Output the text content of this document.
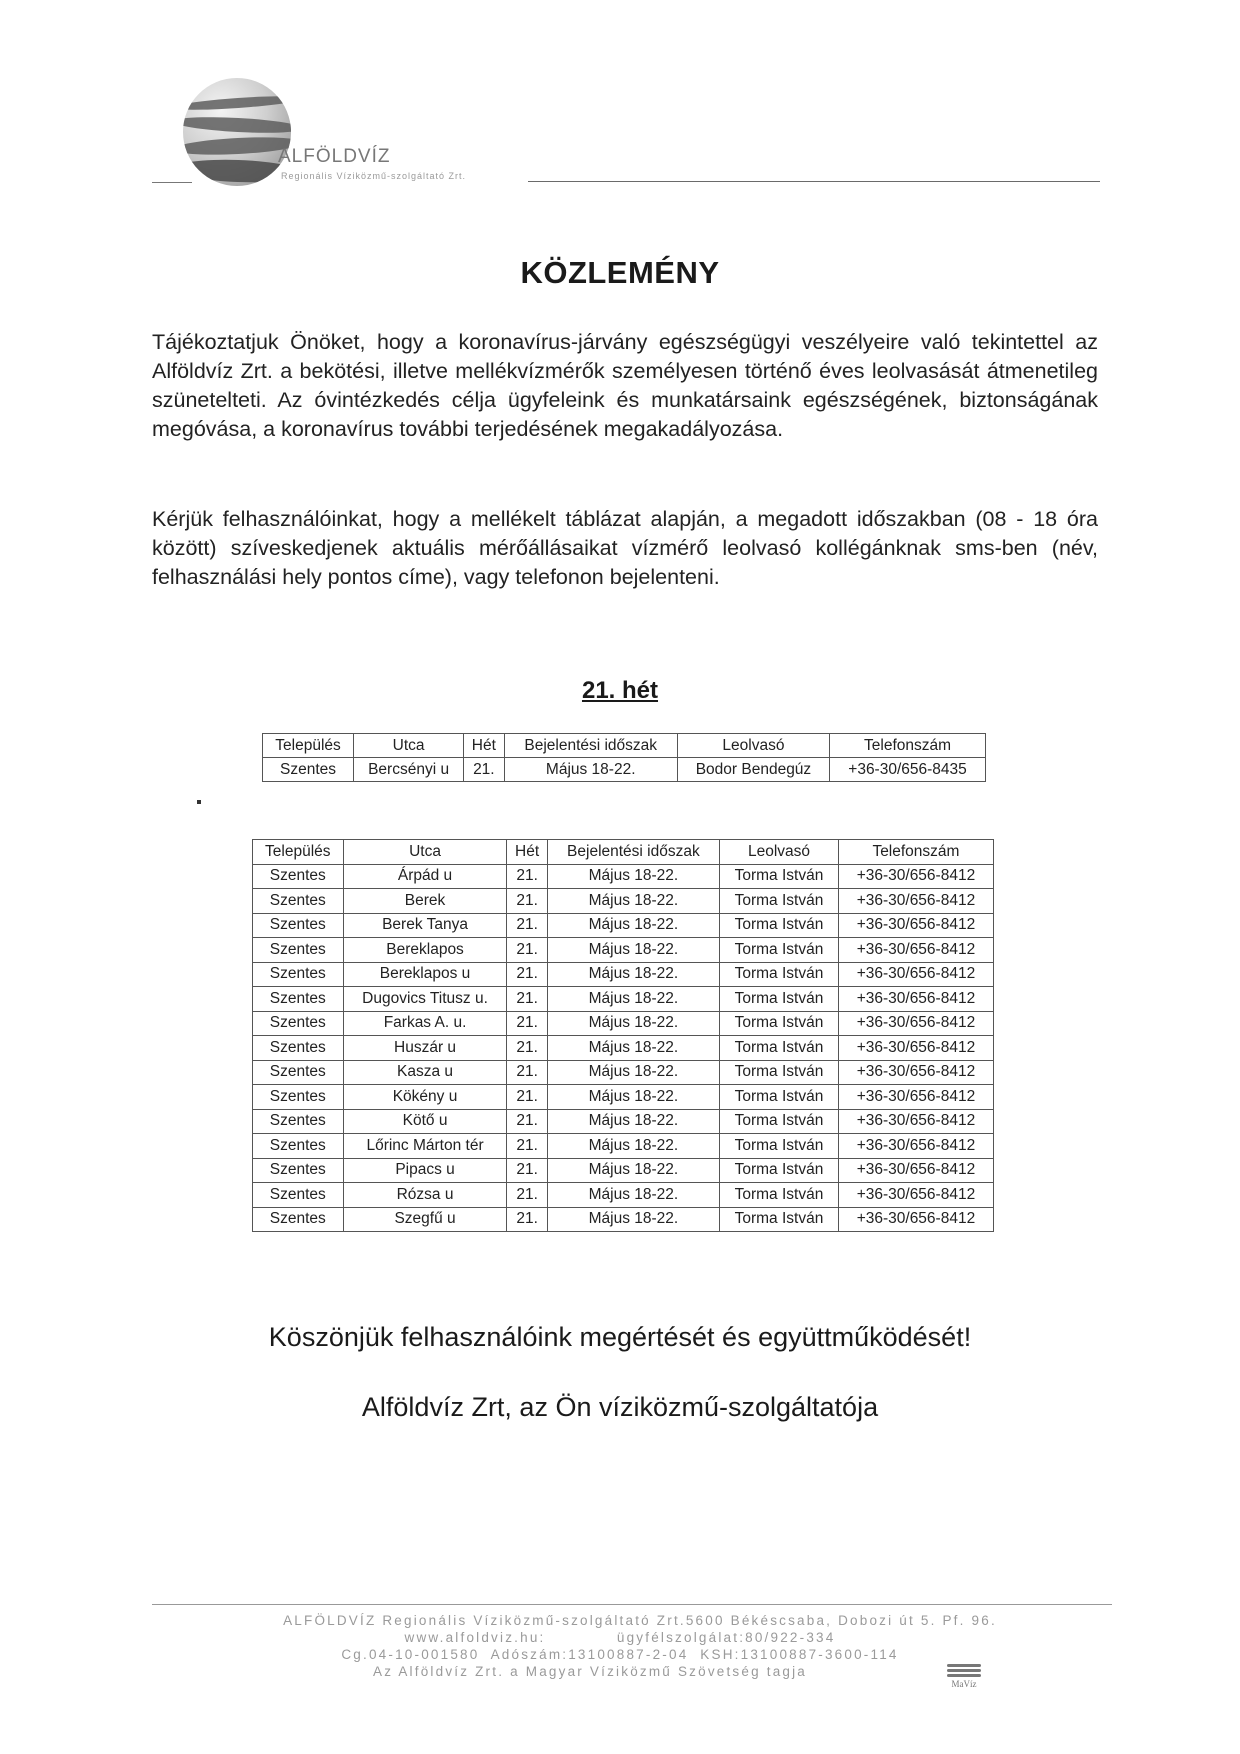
ALFÖLDVÍZ
Regionális Víziközmű-szolgáltató Zrt.
KÖZLEMÉNY
Tájékoztatjuk Önöket, hogy a koronavírus-járvány egészségügyi veszélyeire való tekintettel az Alföldvíz Zrt. a bekötési, illetve mellékvízmérők személyesen történő éves leolvasását átmenetileg szünetelteti. Az óvintézkedés célja ügyfeleink és munkatársaink egészségének, biztonságának megóvása, a koronavírus további terjedésének megakadályozása.
Kérjük felhasználóinkat, hogy a mellékelt táblázat alapján, a megadott időszakban (08 - 18 óra között) szíveskedjenek aktuális mérőállásaikat vízmérő leolvasó kollégánknak sms-ben (név, felhasználási hely pontos címe), vagy telefonon bejelenteni.
21. hét
Település	Utca	Hét	Bejelentési időszak	Leolvasó	Telefonszám
Szentes	Bercsényi u	21.	Május 18-22.	Bodor Bendegúz	+36-30/656-8435
Település	Utca	Hét	Bejelentési időszak	Leolvasó	Telefonszám
Szentes	Árpád u	21.	Május 18-22.	Torma István	+36-30/656-8412
Szentes	Berek	21.	Május 18-22.	Torma István	+36-30/656-8412
Szentes	Berek Tanya	21.	Május 18-22.	Torma István	+36-30/656-8412
Szentes	Bereklapos	21.	Május 18-22.	Torma István	+36-30/656-8412
Szentes	Bereklapos u	21.	Május 18-22.	Torma István	+36-30/656-8412
Szentes	Dugovics Titusz u.	21.	Május 18-22.	Torma István	+36-30/656-8412
Szentes	Farkas A. u.	21.	Május 18-22.	Torma István	+36-30/656-8412
Szentes	Huszár u	21.	Május 18-22.	Torma István	+36-30/656-8412
Szentes	Kasza u	21.	Május 18-22.	Torma István	+36-30/656-8412
Szentes	Kökény u	21.	Május 18-22.	Torma István	+36-30/656-8412
Szentes	Kötő u	21.	Május 18-22.	Torma István	+36-30/656-8412
Szentes	Lőrinc Márton tér	21.	Május 18-22.	Torma István	+36-30/656-8412
Szentes	Pipacs u	21.	Május 18-22.	Torma István	+36-30/656-8412
Szentes	Rózsa u	21.	Május 18-22.	Torma István	+36-30/656-8412
Szentes	Szegfű u	21.	Május 18-22.	Torma István	+36-30/656-8412
Köszönjük felhasználóink megértését és együttműködését!
Alföldvíz Zrt, az Ön víziközmű-szolgáltatója
ALFÖLDVÍZ Regionális Víziközmű-szolgáltató Zrt.5600 Békéscsaba, Dobozi út 5. Pf. 96.
www.alfoldviz.hu:            ügyfélszolgálat:80/922-334
Cg.04-10-001580  Adószám:13100887-2-04  KSH:13100887-3600-114
Az Alföldvíz Zrt. a Magyar Víziközmű Szövetség tagja
MaVíz
